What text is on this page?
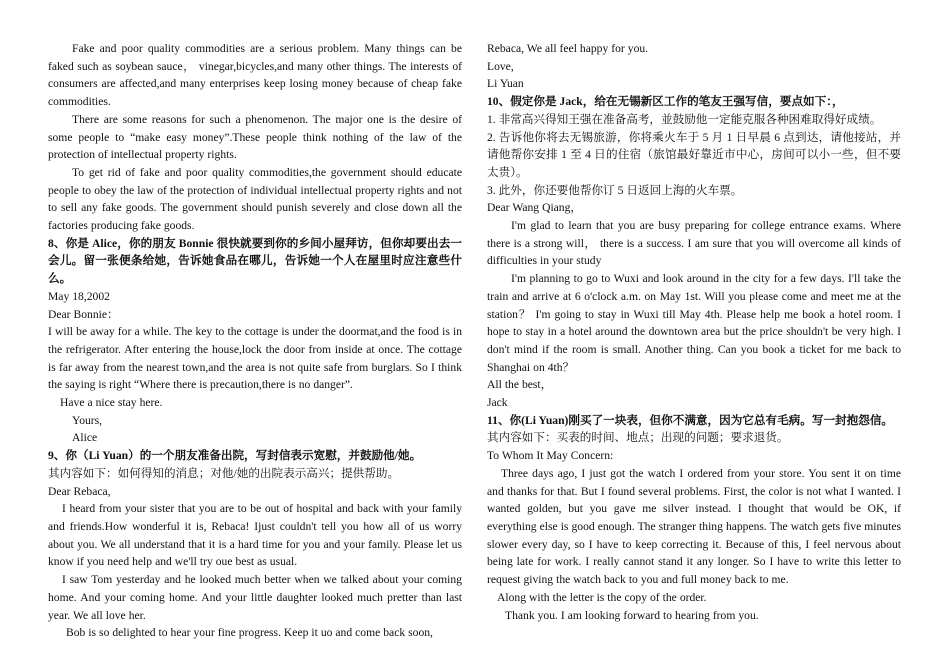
Fake and poor quality commodities are a serious problem. Many things can be faked such as soybean sauce， vinegar,bicycles,and many other things. The interests of consumers are affected,and many enterprises keep losing money because of cheap fake commodities.

There are some reasons for such a phenomenon. The major one is the desire of some people to “make easy money”.These people think nothing of the law of the protection of intellectual property rights.

To get rid of fake and poor quality commodities,the government should educate people to obey the law of the protection of individual intellectual property rights and not to sell any fake goods. The government should punish severely and close down all the factories producing fake goods.

8、你是 Alice，你的朋友 Bonnie 很快就要到你的乡间小屋拜访，但你却要出去一会儿。留一张便条给她，告诉她食品在哪儿，告诉她一个人在屋里时应注意些什么。

May 18,2002

Dear Bonnie：

I will be away for a while. The key to the cottage is under the doormat,and the food is in the refrigerator. After entering the house,lock the door from inside at once. The cottage is far away from the nearest town,and the area is not quite safe from burglars. So I think the saying is right “Where there is precaution,there is no danger”.

Have a nice stay here.

Yours,

Alice

9、你（Li Yuan）的一个朋友准备出院，写封信表示宽慰，并鼓励他/她。

其内容如下：如何得知的消息；对他/她的出院表示高兴；提供帮助。

Dear Rebaca,

I heard from your sister that you are to be out of hospital and back with your family and friends.How wonderful it is, Rebaca! Ijust couldn't tell you how all of us worry about you. We all understand that it is a hard time for you and your family. Please let us know if you need help and we'll try oue best as usual.

I saw Tom yesterday and he looked much better when we talked about your coming home. And your coming home. And your little daughter looked much pretter than last year. We all love her.

Bob is so delighted to hear your fine progress. Keep it uo and come back soon,

Rebaca, We all feel happy for you.

Love,

Li Yuan

10、假定你是 Jack，给在无锡新区工作的笔友王强写信，要点如下：，

1. 非常高兴得知王强在准备高考，並鼓励他一定能克服各种困难取得好成绩。

2. 告诉他你将去无锡旅游，你将乘火车于 5 月 1 日早晨 6 点到达，请他接站，并请他帮你安排 1 至 4 日的住宿（旅馆最好靠近市中心，房间可以小一些，但不要太贵）。

3. 此外，你还要他帮你订 5 日返回上海的火车票。

Dear Wang Qiang，

I'm glad to learn that you are busy preparing for college entrance exams. Where there is a strong will， there is a success. I am sure that you will overcome all kinds of difficulties in your study

I'm planning to go to Wuxi and look around in the city for a few days. I'll take the train and arrive at 6 o'clock a.m. on May 1st. Will you please come and meet me at the station？ I'm going to stay in Wuxi till May 4th. Please help me book a hotel room. I hope to stay in a hotel around the downtown area but the price shouldn't be very high. I don't mind if the room is small. Another thing. Can you book a ticket for me back to Shanghai on 4th？

All the best，

Jack

11、你(Li Yuan)刚买了一块表，但你不满意，因为它总有毛病。写一封抱怨信。

其内容如下：买表的时间、地点；出现的问题；要求退货。

To Whom It May Concern:

Three days ago, I just got the watch I ordered from your store. You sent it on time and thanks for that. But I found several problems. First, the color is not what I wanted. I wanted golden, but you gave me silver instead. I thought that would be OK, if everything else is good enough. The stranger thing happens. The watch gets five minutes slower every day, so I have to keep correcting it. Because of this, I feel nervous about being late for work. I really cannot stand it any longer. So I have to write this letter to request giving the watch back to you and full money back to me.

Along with the letter is the copy of the order.

Thank you. I am looking forward to hearing from you.
